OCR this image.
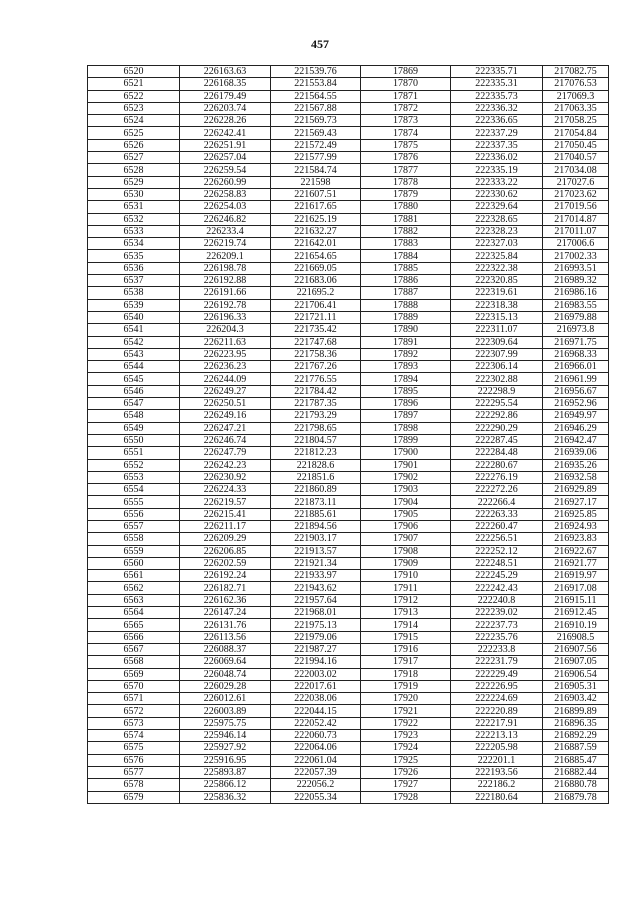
457
6520	226163.63	221539.76	17869	222335.71	217082.75
6521	226168.35	221553.84	17870	222335.31	217076.53
6522	226179.49	221564.55	17871	222335.73	217069.3
6523	226203.74	221567.88	17872	222336.32	217063.35
6524	226228.26	221569.73	17873	222336.65	217058.25
6525	226242.41	221569.43	17874	222337.29	217054.84
6526	226251.91	221572.49	17875	222337.35	217050.45
6527	226257.04	221577.99	17876	222336.02	217040.57
6528	226259.54	221584.74	17877	222335.19	217034.08
6529	226260.99	221598	17878	222333.22	217027.6
6530	226258.83	221607.51	17879	222330.62	217023.62
6531	226254.03	221617.65	17880	222329.64	217019.56
6532	226246.82	221625.19	17881	222328.65	217014.87
6533	226233.4	221632.27	17882	222328.23	217011.07
6534	226219.74	221642.01	17883	222327.03	217006.6
6535	226209.1	221654.65	17884	222325.84	217002.33
6536	226198.78	221669.05	17885	222322.38	216993.51
6537	226192.88	221683.06	17886	222320.85	216989.32
6538	226191.66	221695.2	17887	222319.61	216986.16
6539	226192.78	221706.41	17888	222318.38	216983.55
6540	226196.33	221721.11	17889	222315.13	216979.88
6541	226204.3	221735.42	17890	222311.07	216973.8
6542	226211.63	221747.68	17891	222309.64	216971.75
6543	226223.95	221758.36	17892	222307.99	216968.33
6544	226236.23	221767.26	17893	222306.14	216966.01
6545	226244.09	221776.55	17894	222302.88	216961.99
6546	226249.27	221784.42	17895	222298.9	216956.67
6547	226250.51	221787.35	17896	222295.54	216952.96
6548	226249.16	221793.29	17897	222292.86	216949.97
6549	226247.21	221798.65	17898	222290.29	216946.29
6550	226246.74	221804.57	17899	222287.45	216942.47
6551	226247.79	221812.23	17900	222284.48	216939.06
6552	226242.23	221828.6	17901	222280.67	216935.26
6553	226230.92	221851.6	17902	222276.19	216932.58
6554	226224.33	221860.89	17903	222272.26	216929.89
6555	226219.57	221873.11	17904	222266.4	216927.17
6556	226215.41	221885.61	17905	222263.33	216925.85
6557	226211.17	221894.56	17906	222260.47	216924.93
6558	226209.29	221903.17	17907	222256.51	216923.83
6559	226206.85	221913.57	17908	222252.12	216922.67
6560	226202.59	221921.34	17909	222248.51	216921.77
6561	226192.24	221933.97	17910	222245.29	216919.97
6562	226182.71	221943.62	17911	222242.43	216917.08
6563	226162.36	221957.64	17912	222240.8	216915.11
6564	226147.24	221968.01	17913	222239.02	216912.45
6565	226131.76	221975.13	17914	222237.73	216910.19
6566	226113.56	221979.06	17915	222235.76	216908.5
6567	226088.37	221987.27	17916	222233.8	216907.56
6568	226069.64	221994.16	17917	222231.79	216907.05
6569	226048.74	222003.02	17918	222229.49	216906.54
6570	226029.28	222017.61	17919	222226.95	216905.31
6571	226012.61	222038.06	17920	222224.69	216903.42
6572	226003.89	222044.15	17921	222220.89	216899.89
6573	225975.75	222052.42	17922	222217.91	216896.35
6574	225946.14	222060.73	17923	222213.13	216892.29
6575	225927.92	222064.06	17924	222205.98	216887.59
6576	225916.95	222061.04	17925	222201.1	216885.47
6577	225893.87	222057.39	17926	222193.56	216882.44
6578	225866.12	222056.2	17927	222186.2	216880.78
6579	225836.32	222055.34	17928	222180.64	216879.78
